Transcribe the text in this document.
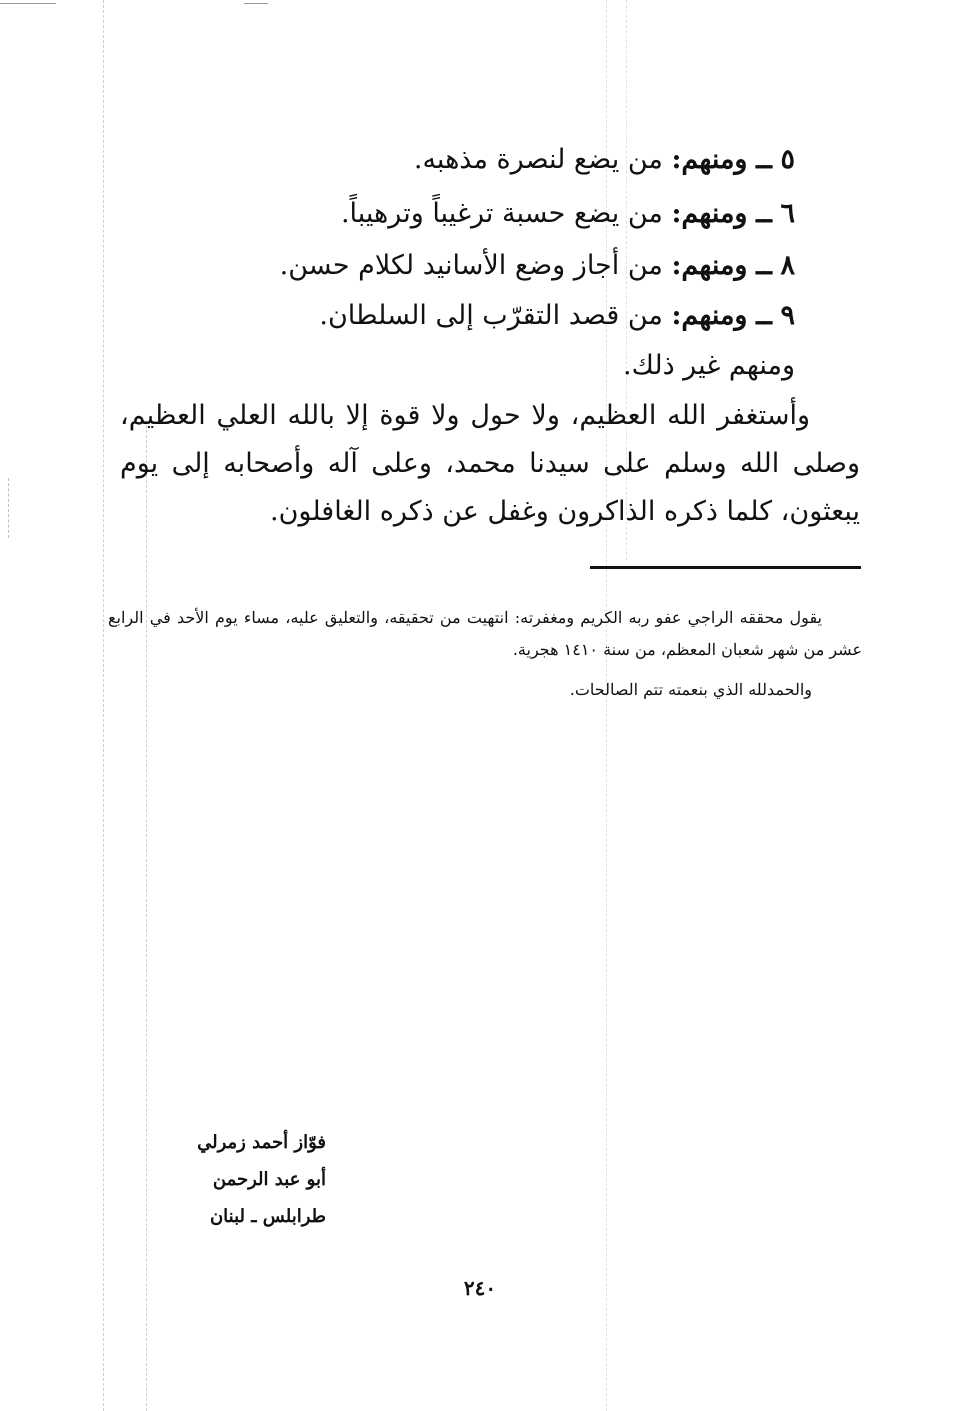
٥ ــ ومنهم: من يضع لنصرة مذهبه.
٦ ــ ومنهم: من يضع حسبة ترغيباً وترهيباً.
٨ ــ ومنهم: من أجاز وضع الأسانيد لكلام حسن.
٩ ــ ومنهم: من قصد التقرّب إلى السلطان.
ومنهم غير ذلك.
وأستغفر الله العظيم، ولا حول ولا قوة إلا بالله العلي العظيم، وصلى الله وسلم على سيدنا محمد، وعلى آله وأصحابه إلى يوم يبعثون، كلما ذكره الذاكرون وغفل عن ذكره الغافلون.
يقول محققه الراجي عفو ربه الكريم ومغفرته: انتهيت من تحقيقه، والتعليق عليه، مساء يوم الأحد في الرابع عشر من شهر شعبان المعظم، من سنة ١٤١٠ هجرية.
والحمدلله الذي بنعمته تتم الصالحات.
فوّاز أحمد زمرلي
أبو عبد الرحمن
طرابلس ـ لبنان
٢٤٠
